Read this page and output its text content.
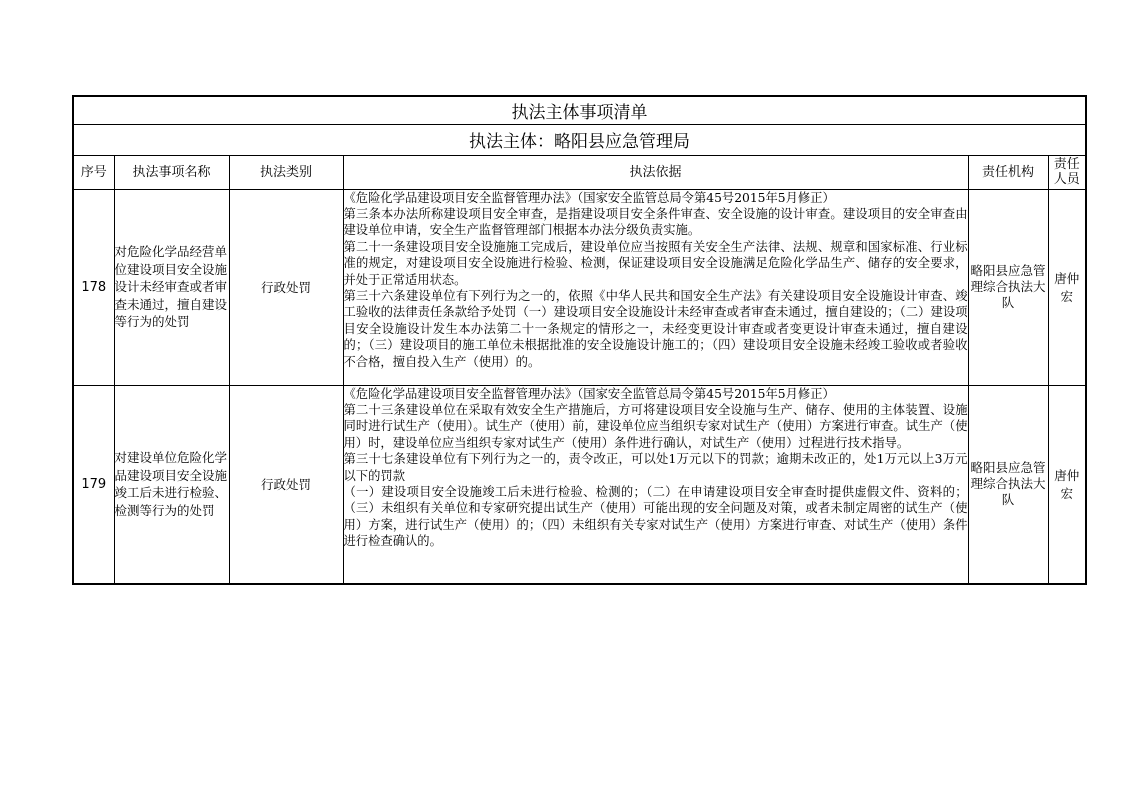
执法主体事项清单					
执法主体：略阳县应急管理局					
序号	执法事项名称	执法类别	执法依据	责任机构	责任人员
178	对危险化学品经营单位建设项目安全设施设计未经审查或者审查未通过，擅自建设等行为的处罚	行政处罚	《危险化学品建设项目安全监督管理办法》（国家安全监管总局令第45号2015年5月修正）
第三条本办法所称建设项目安全审查，是指建设项目安全条件审查、安全设施的设计审查。建设项目的安全审查由建设单位申请，安全生产监督管理部门根据本办法分级负责实施。
第二十一条建设项目安全设施施工完成后，建设单位应当按照有关安全生产法律、法规、规章和国家标准、行业标准的规定，对建设项目安全设施进行检验、检测，保证建设项目安全设施满足危险化学品生产、储存的安全要求，并处于正常适用状态。
第三十六条建设单位有下列行为之一的，依照《中华人民共和国安全生产法》有关建设项目安全设施设计审查、竣工验收的法律责任条款给予处罚（一）建设项目安全设施设计未经审查或者审查未通过，擅自建设的；（二）建设项目安全设施设计发生本办法第二十一条规定的情形之一，未经变更设计审查或者变更设计审查未通过，擅自建设的；（三）建设项目的施工单位未根据批准的安全设施设计施工的；（四）建设项目安全设施未经竣工验收或者验收不合格，擅自投入生产（使用）的。	略阳县应急管理综合执法大队	唐仲宏
179	对建设单位危险化学品建设项目安全设施竣工后未进行检验、检测等行为的处罚	行政处罚	《危险化学品建设项目安全监督管理办法》（国家安全监管总局令第45号2015年5月修正）
第二十三条建设单位在采取有效安全生产措施后，方可将建设项目安全设施与生产、储存、使用的主体装置、设施同时进行试生产（使用）。试生产（使用）前，建设单位应当组织专家对试生产（使用）方案进行审查。试生产（使用）时，建设单位应当组织专家对试生产（使用）条件进行确认，对试生产（使用）过程进行技术指导。
第三十七条建设单位有下列行为之一的，责令改正，可以处1万元以下的罚款；逾期未改正的，处1万元以上3万元以下的罚款
（一）建设项目安全设施竣工后未进行检验、检测的；（二）在申请建设项目安全审查时提供虚假文件、资料的；（三）未组织有关单位和专家研究提出试生产（使用）可能出现的安全问题及对策，或者未制定周密的试生产（使用）方案，进行试生产（使用）的；（四）未组织有关专家对试生产（使用）方案进行审查、对试生产（使用）条件进行检查确认的。	略阳县应急管理综合执法大队	唐仲宏
